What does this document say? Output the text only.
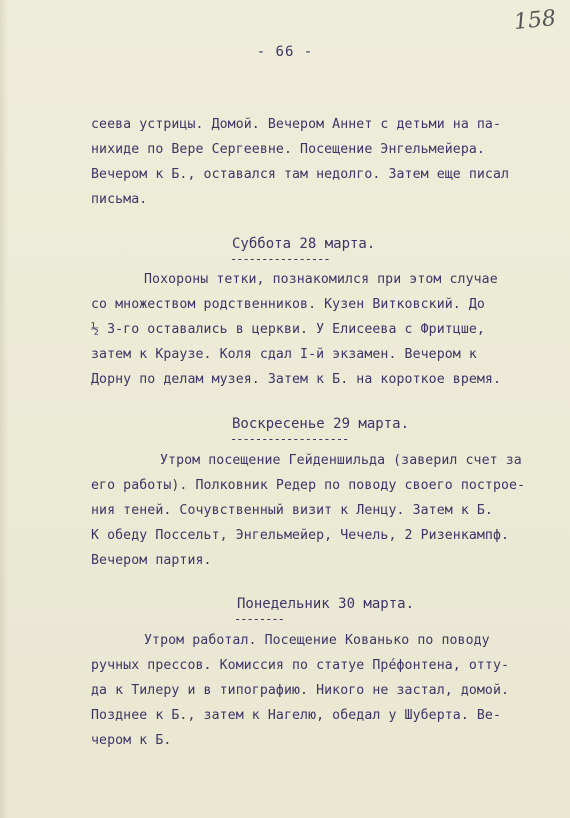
158
- 66 -
сеева устрицы. Домой. Вечером Аннет с детьми на па-
нихиде по Вере Сергеевне. Посещение Энгельмейера.
Вечером к Б., оставался там недолго. Затем еще писал
письма.
Суббота 28 марта.
----------------
Похороны тетки, познакомился при этом случае
со множеством родственников. Кузен Витковский. До
½ 3-го оставались в церкви. У Елисеева с Фритцше,
затем к Краузе. Коля сдал I-й экзамен. Вечером к
Дорну по делам музея. Затем к Б. на короткое время.
Воскресенье 29 марта.
-------------------
Утром посещение Гейденшильда (заверил счет за
его работы). Полковник Редер по поводу своего построе-
ния теней. Сочувственный визит к Ленцу. Затем к Б.
К обеду Поссельт, Энгельмейер, Чечель, 2 Ризенкампф.
Вечером партия.
Понедельник 30 марта.
--------
Утром работал. Посещение Кованько по поводу
ручных прессов. Комиссия по статуе Прéфонтена, отту-
да к Тилеру и в типографию. Никого не застал, домой.
Позднее к Б., затем к Нагелю, обедал у Шуберта. Ве-
чером к Б.
